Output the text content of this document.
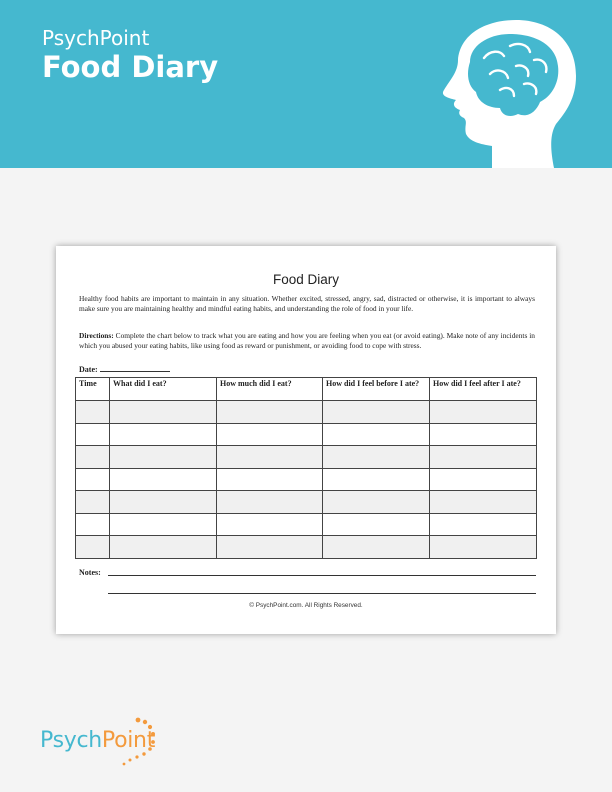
PsychPoint
Food Diary
Food Diary

Healthy food habits are important to maintain in any situation. Whether excited, stressed, angry, sad, distracted or otherwise, it is important to always make sure you are maintaining healthy and mindful eating habits, and understanding the role of food in your life.

Directions: Complete the chart below to track what you are eating and how you are feeling when you eat (or avoid eating). Make note of any incidents in which you abused your eating habits, like using food as reward or punishment, or avoiding food to cope with stress.

Date:
Time	What did I eat?	How much did I eat?	How did I feel before I ate?	How did I feel after I ate?

Notes:
© PsychPoint.com. All Rights Reserved.
PsychPoint
